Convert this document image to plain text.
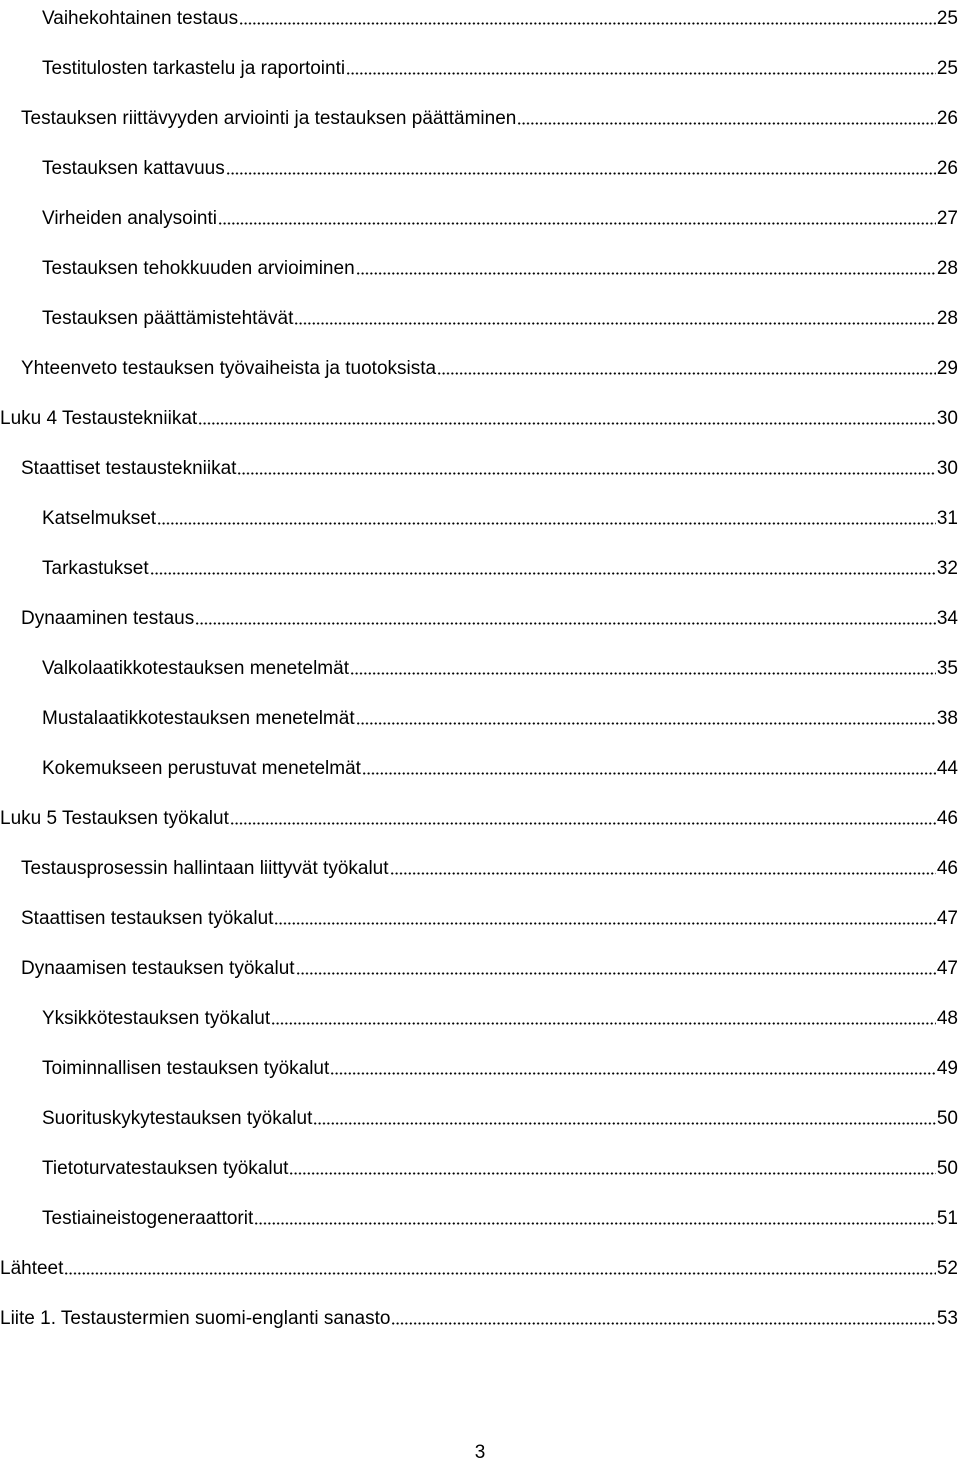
Vaihekohtainen testaus	25
Testitulosten tarkastelu ja raportointi	25
Testauksen riittävyyden arviointi ja testauksen päättäminen	26
Testauksen kattavuus	26
Virheiden analysointi	27
Testauksen tehokkuuden arvioiminen	28
Testauksen päättämistehtävät	28
Yhteenveto testauksen työvaiheista ja tuotoksista	29
Luku 4 Testaustekniikat	30
Staattiset testaustekniikat	30
Katselmukset	31
Tarkastukset	32
Dynaaminen testaus	34
Valkolaatikkotestauksen menetelmät	35
Mustalaatikkotestauksen menetelmät	38
Kokemukseen perustuvat menetelmät	44
Luku 5 Testauksen työkalut	46
Testausprosessin hallintaan liittyvät työkalut	46
Staattisen testauksen työkalut	47
Dynaamisen testauksen työkalut	47
Yksikkötestauksen työkalut	48
Toiminnallisen testauksen työkalut	49
Suorituskykytestauksen työkalut	50
Tietoturvatestauksen työkalut	50
Testiaineistogeneraattorit	51
Lähteet	52
Liite 1. Testaustermien suomi-englanti sanasto	53
3
